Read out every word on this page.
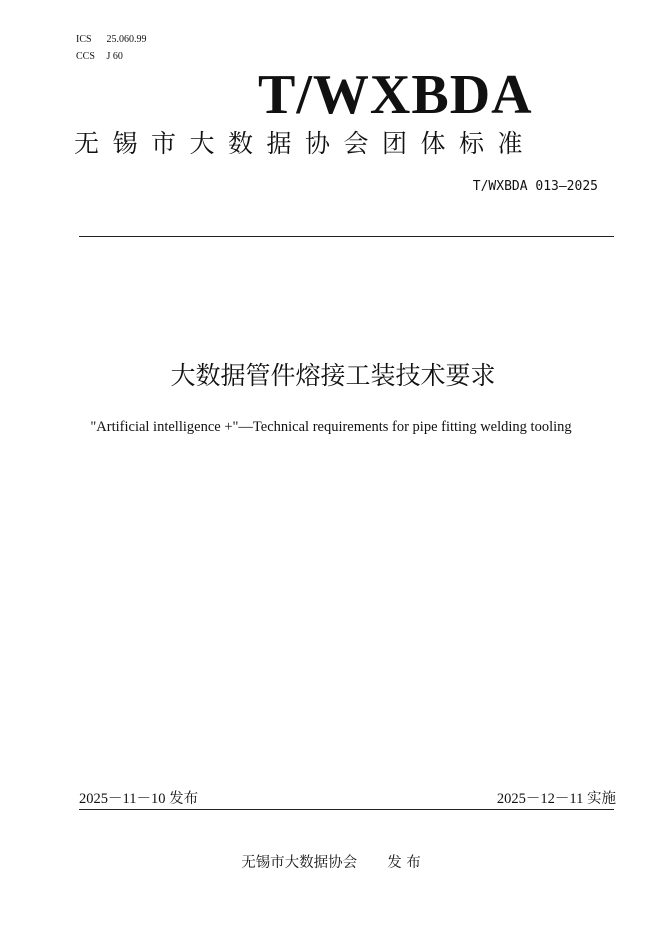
ICS 25.060.99
CCS J 60
T/WXBDA
无锡市大数据协会团体标准
T/WXBDA 013—2025
大数据管件熔接工装技术要求
"Artificial intelligence +"—Technical requirements for pipe fitting welding tooling
2025－11－10 发布	2025－12－11 实施
无锡市大数据协会 发 布
